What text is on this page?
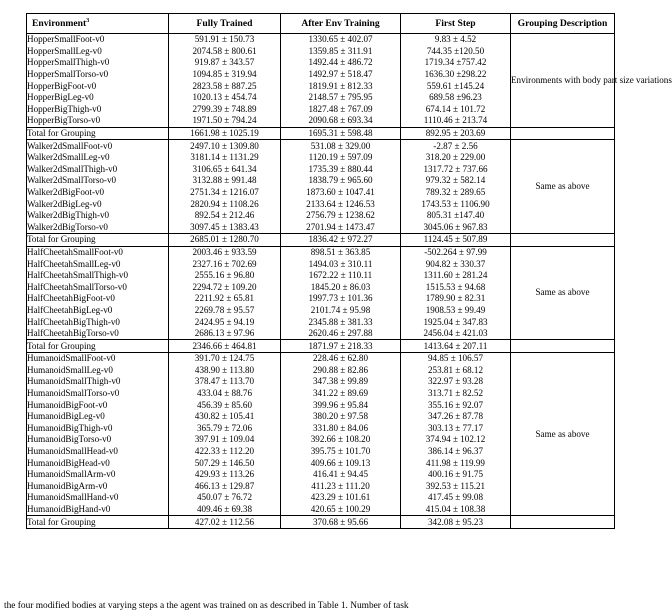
Environment$^3$	Fully Trained	After Env Training	First Step	Grouping Description
HopperSmallFoot-v0	591.91 ± 150.73	1330.65 ± 402.07	9.83 ± 4.52	Environments with body part size variations
HopperSmallLeg-v0	2074.58 ± 800.61	1359.85 ± 311.91	744.35 ±120.50	
HopperSmallThigh-v0	919.87 ± 343.57	1492.44 ± 486.72	1719.34 ±757.42	
HopperSmallTorso-v0	1094.85 ± 319.94	1492.97 ± 518.47	1636.30 ±298.22	
HopperBigFoot-v0	2823.58 ± 887.25	1819.91 ± 812.33	559.61 ±145.24	
HopperBigLeg-v0	1020.13 ± 454.74	2148.57 ± 795.95	689.58 ±96.23	
HopperBigThigh-v0	2799.39 ± 748.89	1827.48 ± 767.09	674.14 ± 101.72	
HopperBigTorso-v0	1971.50 ± 794.24	2090.68 ± 693.34	1110.46 ± 213.74	
Total for Grouping	1661.98 ± 1025.19	1695.31 ± 598.48	892.95 ± 203.69	
Walker2dSmallFoot-v0	2497.10 ± 1309.80	531.08 ± 329.00	-2.87 ± 2.56	Same as above
Walker2dSmallLeg-v0	3181.14 ± 1131.29	1120.19 ± 597.09	318.20 ± 229.00	
Walker2dSmallThigh-v0	3106.65 ± 641.34	1735.39 ± 880.44	1317.72 ± 737.66	
Walker2dSmallTorso-v0	3132.88 ± 991.48	1838.79 ± 965.60	979.32 ± 582.14	
Walker2dBigFoot-v0	2751.34 ± 1216.07	1873.60 ± 1047.41	789.32 ± 289.65	
Walker2dBigLeg-v0	2820.94 ± 1108.26	2133.64 ± 1246.53	1743.53 ± 1106.90	
Walker2dBigThigh-v0	892.54 ± 212.46	2756.79 ± 1238.62	805.31 ±147.40	
Walker2dBigTorso-v0	3097.45 ± 1383.43	2701.94 ± 1473.47	3045.06 ± 967.83	
Total for Grouping	2685.01 ± 1280.70	1836.42 ± 972.27	1124.45 ± 507.89	
HalfCheetahSmallFoot-v0	2003.46 ± 933.59	898.51 ± 363.85	-502.264 ± 97.99	Same as above
HalfCheetahSmallLeg-v0	2327.16 ± 702.69	1494.03 ± 310.11	904.82 ± 330.37	
HalfCheetahSmallThigh-v0	2555.16 ± 96.80	1672.22 ± 110.11	1311.60 ± 281.24	
HalfCheetahSmallTorso-v0	2294.72 ± 109.20	1845.20 ± 86.03	1515.53 ± 94.68	
HalfCheetahBigFoot-v0	2211.92 ± 65.81	1997.73 ± 101.36	1789.90 ± 82.31	
HalfCheetahBigLeg-v0	2269.78 ± 95.57	2101.74 ± 95.98	1908.53 ± 99.49	
HalfCheetahBigThigh-v0	2424.95 ± 94.19	2345.88 ± 381.33	1925.04 ± 347.83	
HalfCheetahBigTorso-v0	2686.13 ± 97.96	2620.46 ± 297.88	2456.04 ± 421.03	
Total for Grouping	2346.66 ± 464.81	1871.97 ± 218.33	1413.64 ± 207.11	
HumanoidSmallFoot-v0	391.70 ± 124.75	228.46 ± 62.80	94.85 ± 106.57	Same as above
HumanoidSmallLeg-v0	438.90 ± 113.80	290.88 ± 82.86	253.81 ± 68.12	
HumanoidSmallThigh-v0	378.47 ± 113.70	347.38 ± 99.89	322.97 ± 93.28	
HumanoidSmallTorso-v0	433.04 ± 88.76	341.22 ± 89.69	313.71 ± 82.52	
HumanoidBigFoot-v0	456.39 ± 85.60	399.96 ± 95.84	355.16 ± 92.07	
HumanoidBigLeg-v0	430.82 ± 105.41	380.20 ± 97.58	347.26 ± 87.78	
HumanoidBigThigh-v0	365.79 ± 72.06	331.80 ± 84.06	303.13 ± 77.17	
HumanoidBigTorso-v0	397.91 ± 109.04	392.66 ± 108.20	374.94 ± 102.12	
HumanoidSmallHead-v0	422.33 ± 112.20	395.75 ± 101.70	386.14 ± 96.37	
HumanoidBigHead-v0	507.29 ± 146.50	409.66 ± 109.13	411.98 ± 119.99	
HumanoidSmallArm-v0	429.93 ± 113.26	416.41 ± 94.45	400.16 ± 91.75	
HumanoidBigArm-v0	466.13 ± 129.87	411.23 ± 111.20	392.53 ± 115.21	
HumanoidSmallHand-v0	450.07 ± 76.72	423.29 ± 101.61	417.45 ± 99.08	
HumanoidBigHand-v0	409.46 ± 69.38	420.65 ± 100.29	415.04 ± 108.38	
Total for Grouping	427.02 ± 112.56	370.68 ± 95.66	342.08 ± 95.23	
the four modified bodies at varying steps a the agent was trained on as described in Table 1. Number of task
